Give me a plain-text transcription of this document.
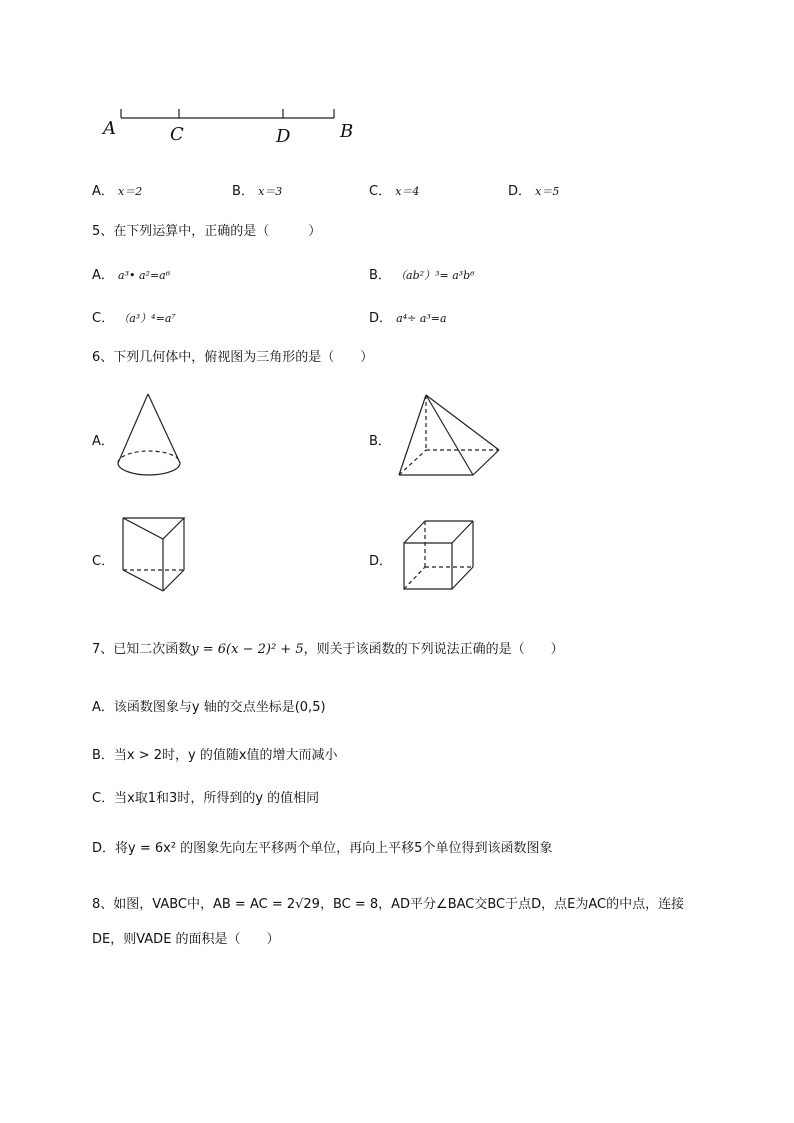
A	C	D	B
A． x＝2	B． x＝3	C． x＝4	D． x＝5
5、在下列运算中，正确的是（　　　）
A． a³• a²=a⁶	B． （ab²）³= a³b⁶
C． （a³）⁴=a⁷	D． a⁴÷ a³=a
6、下列几何体中，俯视图为三角形的是（　　）
A．	B．
C．	D．
7、已知二次函数y = 6(x − 2)² + 5，则关于该函数的下列说法正确的是（　　）
A．该函数图象与y 轴的交点坐标是(0,5)
B．当x > 2时，y 的值随x值的增大而减小
C．当x取1和3时，所得到的y 的值相同
D．将y = 6x² 的图象先向左平移两个单位，再向上平移5个单位得到该函数图象
8、如图，VABC中，AB = AC = 2√29，BC = 8，AD平分∠BAC交BC于点D，点E为AC的中点，连接
DE，则VADE 的面积是（　　）
